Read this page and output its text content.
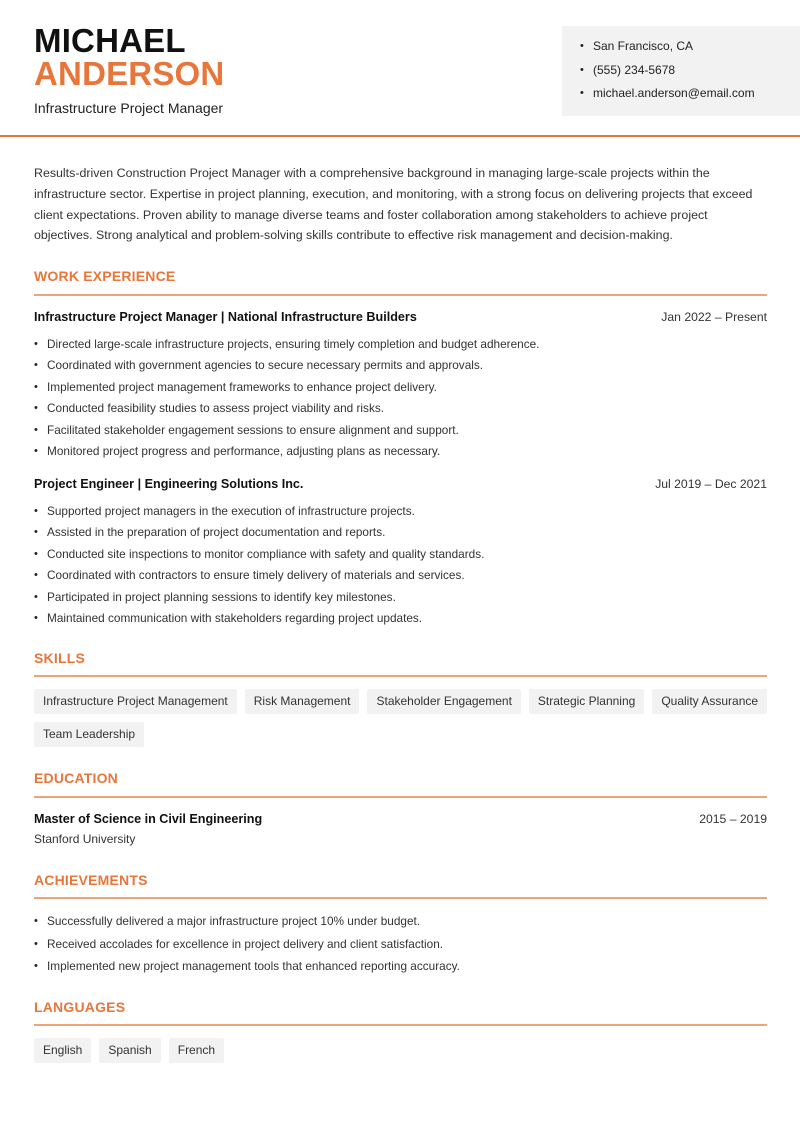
MICHAEL
ANDERSON
Infrastructure Project Manager
• San Francisco, CA
• (555) 234-5678
• michael.anderson@email.com
Results-driven Construction Project Manager with a comprehensive background in managing large-scale projects within the infrastructure sector. Expertise in project planning, execution, and monitoring, with a strong focus on delivering projects that exceed client expectations. Proven ability to manage diverse teams and foster collaboration among stakeholders to achieve project objectives. Strong analytical and problem-solving skills contribute to effective risk management and decision-making.
WORK EXPERIENCE
Infrastructure Project Manager | National Infrastructure Builders	Jan 2022 – Present
• Directed large-scale infrastructure projects, ensuring timely completion and budget adherence.
• Coordinated with government agencies to secure necessary permits and approvals.
• Implemented project management frameworks to enhance project delivery.
• Conducted feasibility studies to assess project viability and risks.
• Facilitated stakeholder engagement sessions to ensure alignment and support.
• Monitored project progress and performance, adjusting plans as necessary.
Project Engineer | Engineering Solutions Inc.	Jul 2019 – Dec 2021
• Supported project managers in the execution of infrastructure projects.
• Assisted in the preparation of project documentation and reports.
• Conducted site inspections to monitor compliance with safety and quality standards.
• Coordinated with contractors to ensure timely delivery of materials and services.
• Participated in project planning sessions to identify key milestones.
• Maintained communication with stakeholders regarding project updates.
SKILLS
Infrastructure Project Management	Risk Management	Stakeholder Engagement	Strategic Planning	Quality Assurance
Team Leadership
EDUCATION
Master of Science in Civil Engineering	2015 – 2019
Stanford University
ACHIEVEMENTS
• Successfully delivered a major infrastructure project 10% under budget.
• Received accolades for excellence in project delivery and client satisfaction.
• Implemented new project management tools that enhanced reporting accuracy.
LANGUAGES
English	Spanish	French
